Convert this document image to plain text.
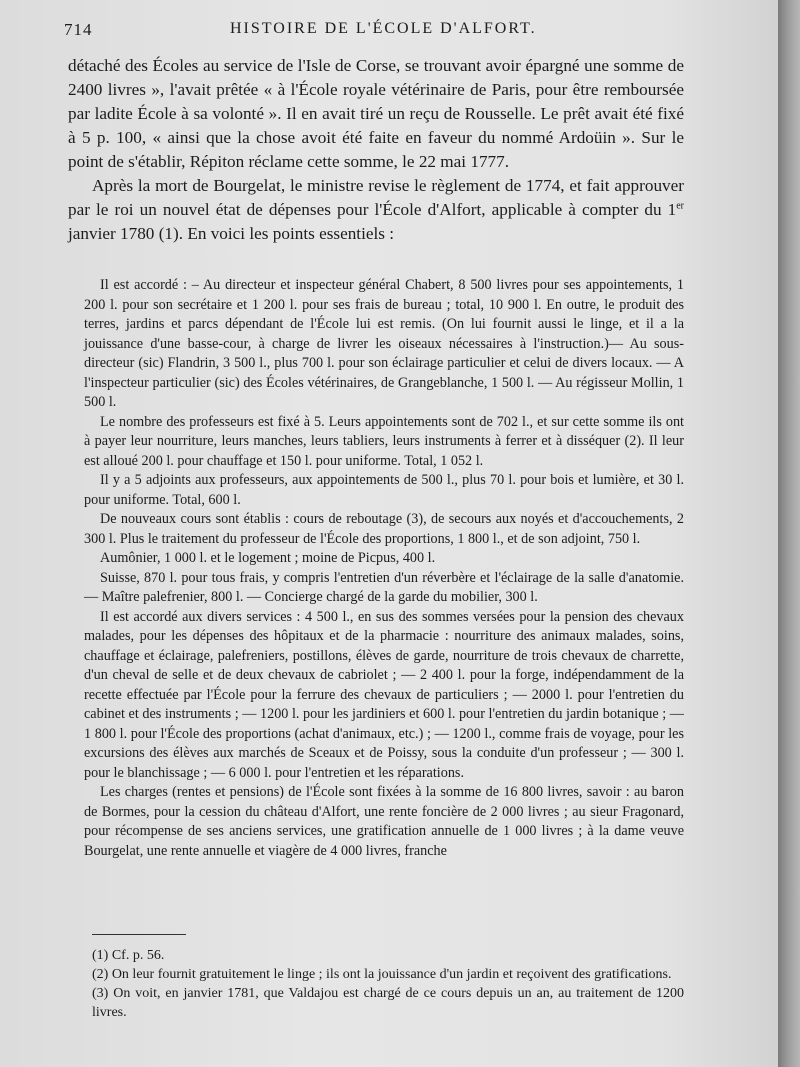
714	HISTOIRE DE L'ÉCOLE D'ALFORT.

détaché des Écoles au service de l'Isle de Corse, se trouvant avoir épargné une somme de 2400 livres », l'avait prêtée « à l'École royale vétérinaire de Paris, pour être remboursée par ladite École à sa volonté ». Il en avait tiré un reçu de Rousselle. Le prêt avait été fixé à 5 p. 100, « ainsi que la chose avoit été faite en faveur du nommé Ardoüin ». Sur le point de s'établir, Répiton réclame cette somme, le 22 mai 1777.

Après la mort de Bourgelat, le ministre revise le règlement de 1774, et fait approuver par le roi un nouvel état de dépenses pour l'École d'Alfort, applicable à compter du 1er janvier 1780 (1). En voici les points essentiels :

Il est accordé : – Au directeur et inspecteur général Chabert, 8 500 livres pour ses appointements, 1 200 l. pour son secrétaire et 1 200 l. pour ses frais de bureau ; total, 10 900 l. En outre, le produit des terres, jardins et parcs dépendant de l'École lui est remis. (On lui fournit aussi le linge, et il a la jouissance d'une basse-cour, à charge de livrer les oiseaux nécessaires à l'instruction.)— Au sous-directeur (sic) Flandrin, 3 500 l., plus 700 l. pour son éclairage particulier et celui de divers locaux. — A l'inspecteur particulier (sic) des Écoles vétérinaires, de Grangeblanche, 1 500 l. — Au régisseur Mollin, 1 500 l.

Le nombre des professeurs est fixé à 5. Leurs appointements sont de 702 l., et sur cette somme ils ont à payer leur nourriture, leurs manches, leurs tabliers, leurs instruments à ferrer et à disséquer (2). Il leur est alloué 200 l. pour chauffage et 150 l. pour uniforme. Total, 1 052 l.

Il y a 5 adjoints aux professeurs, aux appointements de 500 l., plus 70 l. pour bois et lumière, et 30 l. pour uniforme. Total, 600 l.

De nouveaux cours sont établis : cours de reboutage (3), de secours aux noyés et d'accouchements, 2 300 l. Plus le traitement du professeur de l'École des proportions, 1 800 l., et de son adjoint, 750 l.

Aumônier, 1 000 l. et le logement ; moine de Picpus, 400 l.

Suisse, 870 l. pour tous frais, y compris l'entretien d'un réverbère et l'éclairage de la salle d'anatomie. — Maître palefrenier, 800 l. — Concierge chargé de la garde du mobilier, 300 l.

Il est accordé aux divers services : 4 500 l., en sus des sommes versées pour la pension des chevaux malades, pour les dépenses des hôpitaux et de la pharmacie : nourriture des animaux malades, soins, chauffage et éclairage, palefreniers, postillons, élèves de garde, nourriture de trois chevaux de charrette, d'un cheval de selle et de deux chevaux de cabriolet ; — 2 400 l. pour la forge, indépendamment de la recette effectuée par l'École pour la ferrure des chevaux de particuliers ; — 2000 l. pour l'entretien du cabinet et des instruments ; — 1200 l. pour les jardiniers et 600 l. pour l'entretien du jardin botanique ; — 1 800 l. pour l'École des proportions (achat d'animaux, etc.) ; — 1200 l., comme frais de voyage, pour les excursions des élèves aux marchés de Sceaux et de Poissy, sous la conduite d'un professeur ; — 300 l. pour le blanchissage ; — 6 000 l. pour l'entretien et les réparations.

Les charges (rentes et pensions) de l'École sont fixées à la somme de 16 800 livres, savoir : au baron de Bormes, pour la cession du château d'Alfort, une rente foncière de 2 000 livres ; au sieur Fragonard, pour récompense de ses anciens services, une gratification annuelle de 1 000 livres ; à la dame veuve Bourgelat, une rente annuelle et viagère de 4 000 livres, franche

(1) Cf. p. 56.

(2) On leur fournit gratuitement le linge ; ils ont la jouissance d'un jardin et reçoivent des gratifications.

(3) On voit, en janvier 1781, que Valdajou est chargé de ce cours depuis un an, au traitement de 1200 livres.
